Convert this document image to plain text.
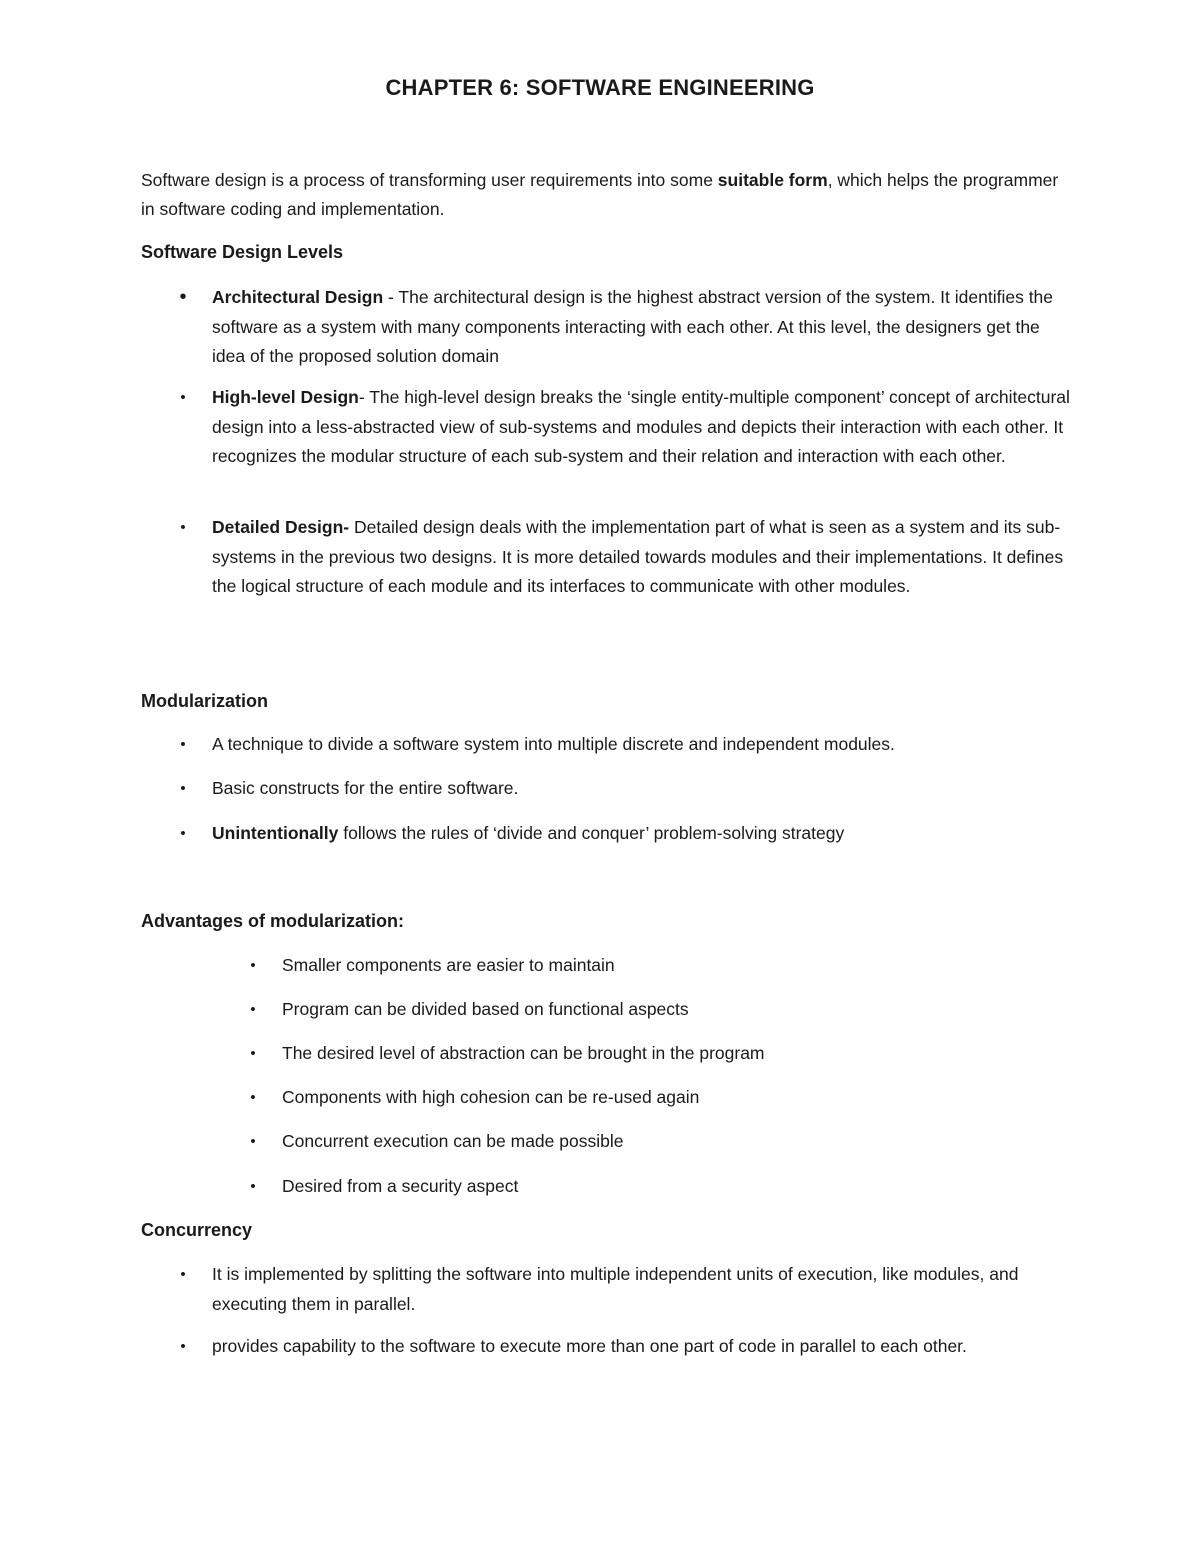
CHAPTER 6: SOFTWARE ENGINEERING
Software design is a process of transforming user requirements into some suitable form, which helps the programmer in software coding and implementation.
Software Design Levels
• Architectural Design - The architectural design is the highest abstract version of the system. It identifies the software as a system with many components interacting with each other. At this level, the designers get the idea of the proposed solution domain
• High-level Design- The high-level design breaks the ‘single entity-multiple component’ concept of architectural design into a less-abstracted view of sub-systems and modules and depicts their interaction with each other. It recognizes the modular structure of each sub-system and their relation and interaction with each other.
• Detailed Design- Detailed design deals with the implementation part of what is seen as a system and its sub-systems in the previous two designs. It is more detailed towards modules and their implementations. It defines the logical structure of each module and its interfaces to communicate with other modules.
Modularization
• A technique to divide a software system into multiple discrete and independent modules.
• Basic constructs for the entire software.
• Unintentionally follows the rules of ‘divide and conquer’ problem-solving strategy
Advantages of modularization:
• Smaller components are easier to maintain
• Program can be divided based on functional aspects
• The desired level of abstraction can be brought in the program
• Components with high cohesion can be re-used again
• Concurrent execution can be made possible
• Desired from a security aspect
Concurrency
• It is implemented by splitting the software into multiple independent units of execution, like modules, and executing them in parallel.
• provides capability to the software to execute more than one part of code in parallel to each other.
